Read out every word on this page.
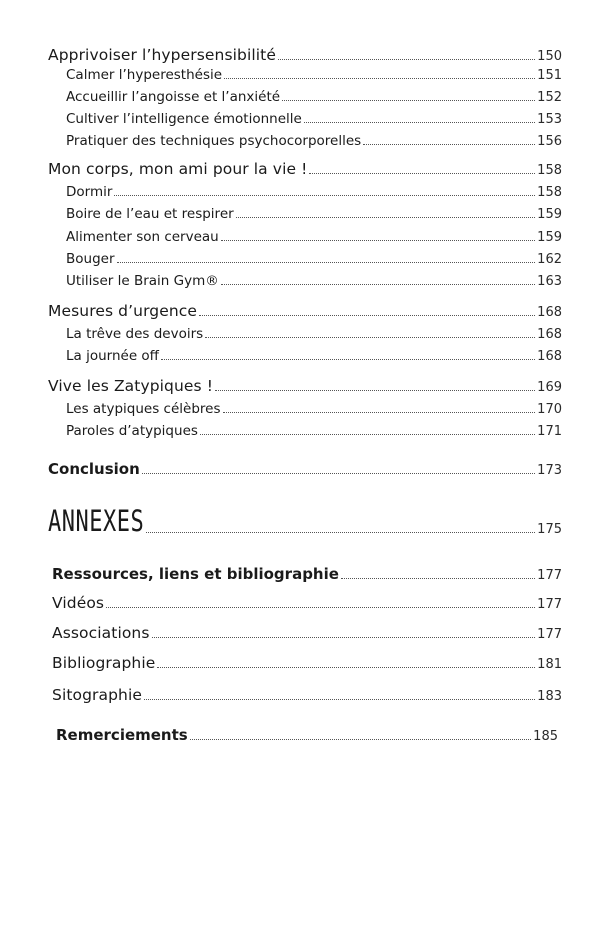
Apprivoiser l’hypersensibilité	150
Calmer l’hyperesthésie	151
Accueillir l’angoisse et l’anxiété	152
Cultiver l’intelligence émotionnelle	153
Pratiquer des techniques psychocorporelles	156
Mon corps, mon ami pour la vie !	158
Dormir	158
Boire de l’eau et respirer	159
Alimenter son cerveau	159
Bouger	162
Utiliser le Brain Gym®	163
Mesures d’urgence	168
La trêve des devoirs	168
La journée off	168
Vive les Zatypiques !	169
Les atypiques célèbres	170
Paroles d’atypiques	171
Conclusion	173
ANNEXES	175
Ressources, liens et bibliographie	177
Vidéos	177
Associations	177
Bibliographie	181
Sitographie	183
Remerciements	185
